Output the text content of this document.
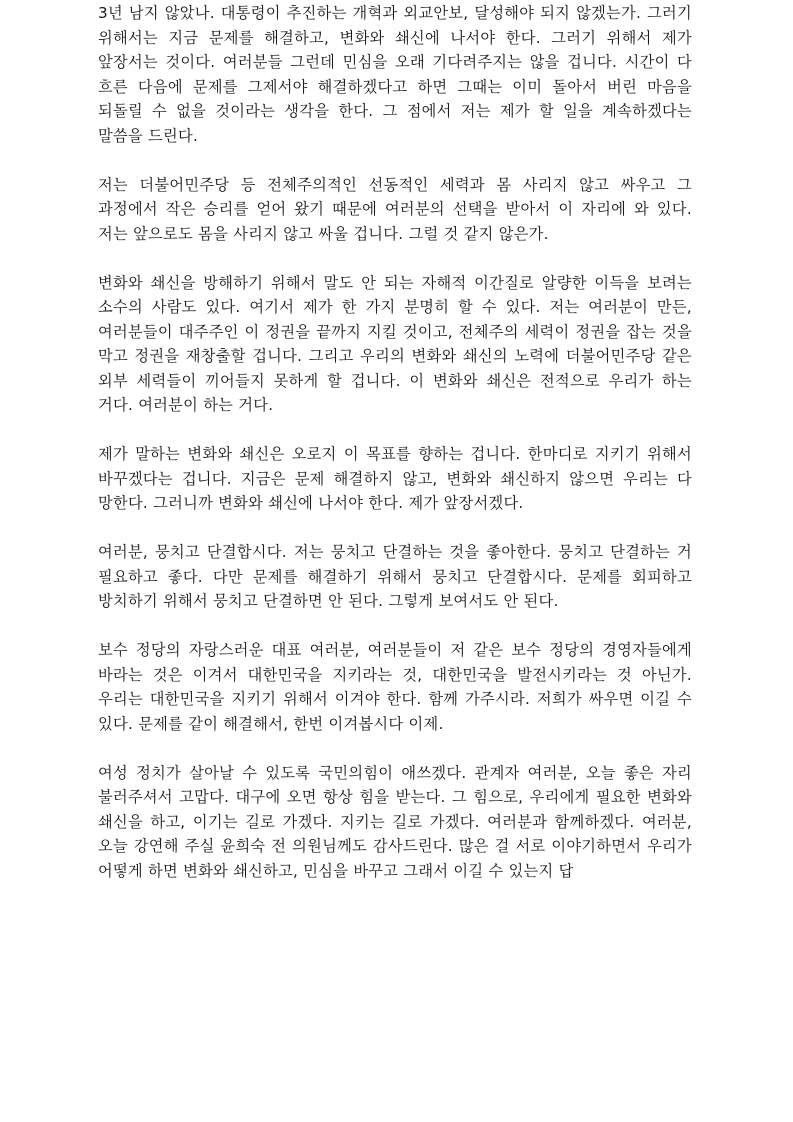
3년 남지 않았나. 대통령이 추진하는 개혁과 외교안보, 달성해야 되지 않겠는가. 그러기 위해서는 지금 문제를 해결하고, 변화와 쇄신에 나서야 한다. 그러기 위해서 제가 앞장서는 것이다. 여러분들 그런데 민심을 오래 기다려주지는 않을 겁니다. 시간이 다 흐른 다음에 문제를 그제서야 해결하겠다고 하면 그때는 이미 돌아서 버린 마음을 되돌릴 수 없을 것이라는 생각을 한다. 그 점에서 저는 제가 할 일을 계속하겠다는 말씀을 드린다.

저는 더불어민주당 등 전체주의적인 선동적인 세력과 몸 사리지 않고 싸우고 그 과정에서 작은 승리를 얻어 왔기 때문에 여러분의 선택을 받아서 이 자리에 와 있다. 저는 앞으로도 몸을 사리지 않고 싸울 겁니다. 그럴 것 같지 않은가.

변화와 쇄신을 방해하기 위해서 말도 안 되는 자해적 이간질로 알량한 이득을 보려는 소수의 사람도 있다. 여기서 제가 한 가지 분명히 할 수 있다. 저는 여러분이 만든, 여러분들이 대주주인 이 정권을 끝까지 지킬 것이고, 전체주의 세력이 정권을 잡는 것을 막고 정권을 재창출할 겁니다. 그리고 우리의 변화와 쇄신의 노력에 더불어민주당 같은 외부 세력들이 끼어들지 못하게 할 겁니다. 이 변화와 쇄신은 전적으로 우리가 하는 거다. 여러분이 하는 거다.

제가 말하는 변화와 쇄신은 오로지 이 목표를 향하는 겁니다. 한마디로 지키기 위해서 바꾸겠다는 겁니다. 지금은 문제 해결하지 않고, 변화와 쇄신하지 않으면 우리는 다 망한다. 그러니까 변화와 쇄신에 나서야 한다. 제가 앞장서겠다.

여러분, 뭉치고 단결합시다. 저는 뭉치고 단결하는 것을 좋아한다. 뭉치고 단결하는 거 필요하고 좋다. 다만 문제를 해결하기 위해서 뭉치고 단결합시다. 문제를 회피하고 방치하기 위해서 뭉치고 단결하면 안 된다. 그렇게 보여서도 안 된다.

보수 정당의 자랑스러운 대표 여러분, 여러분들이 저 같은 보수 정당의 경영자들에게 바라는 것은 이겨서 대한민국을 지키라는 것, 대한민국을 발전시키라는 것 아닌가. 우리는 대한민국을 지키기 위해서 이겨야 한다. 함께 가주시라. 저희가 싸우면 이길 수 있다. 문제를 같이 해결해서, 한번 이겨봅시다 이제.

여성 정치가 살아날 수 있도록 국민의힘이 애쓰겠다. 관계자 여러분, 오늘 좋은 자리 불러주셔서 고맙다. 대구에 오면 항상 힘을 받는다. 그 힘으로, 우리에게 필요한 변화와 쇄신을 하고, 이기는 길로 가겠다. 지키는 길로 가겠다. 여러분과 함께하겠다. 여러분, 오늘 강연해 주실 윤희숙 전 의원님께도 감사드린다. 많은 걸 서로 이야기하면서 우리가 어떻게 하면 변화와 쇄신하고, 민심을 바꾸고 그래서 이길 수 있는지 답
